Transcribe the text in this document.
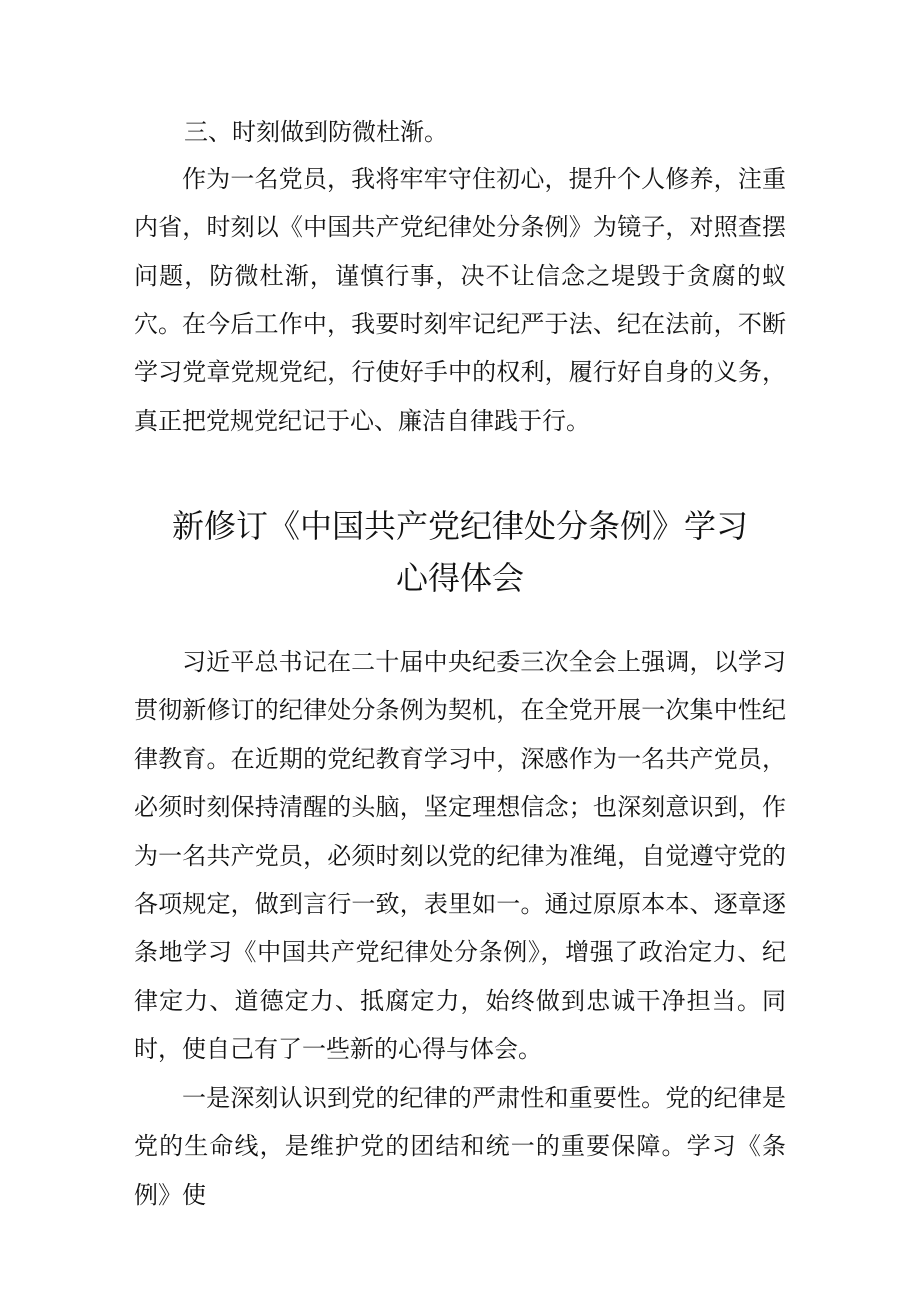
三、时刻做到防微杜渐。

作为一名党员，我将牢牢守住初心，提升个人修养，注重内省，时刻以《中国共产党纪律处分条例》为镜子，对照查摆问题，防微杜渐，谨慎行事，决不让信念之堤毁于贪腐的蚁穴。 在今后工作中，我要时刻牢记纪严于法、纪在法前，不断学习党章党规党纪，行使好手中的权利，履行好自身的义务，真正把党规党纪记于心、廉洁自律践于行。

新修订《中国共产党纪律处分条例》学习
心得体会

习近平总书记在二十届中央纪委三次全会上强调，以学习贯彻新修订的纪律处分条例为契机，在全党开展一次集中性纪律教育。在近期的党纪教育学习中，深感作为一名共产党员，必须时刻保持清醒的头脑，坚定理想信念；也深刻意识到，作为一名共产党员，必须时刻以党的纪律为准绳，自觉遵守党的各项规定，做到言行一致，表里如一。通过原原本本、逐章逐条地学习《中国共产党纪律处分条例》，增强了政治定力、纪律定力、道德定力、抵腐定力，始终做到忠诚干净担当。同时，使自己有了一些新的心得与体会。

一是深刻认识到党的纪律的严肃性和重要性。党的纪律是党的生命线，是维护党的团结和统一的重要保障。学习《条例》使
